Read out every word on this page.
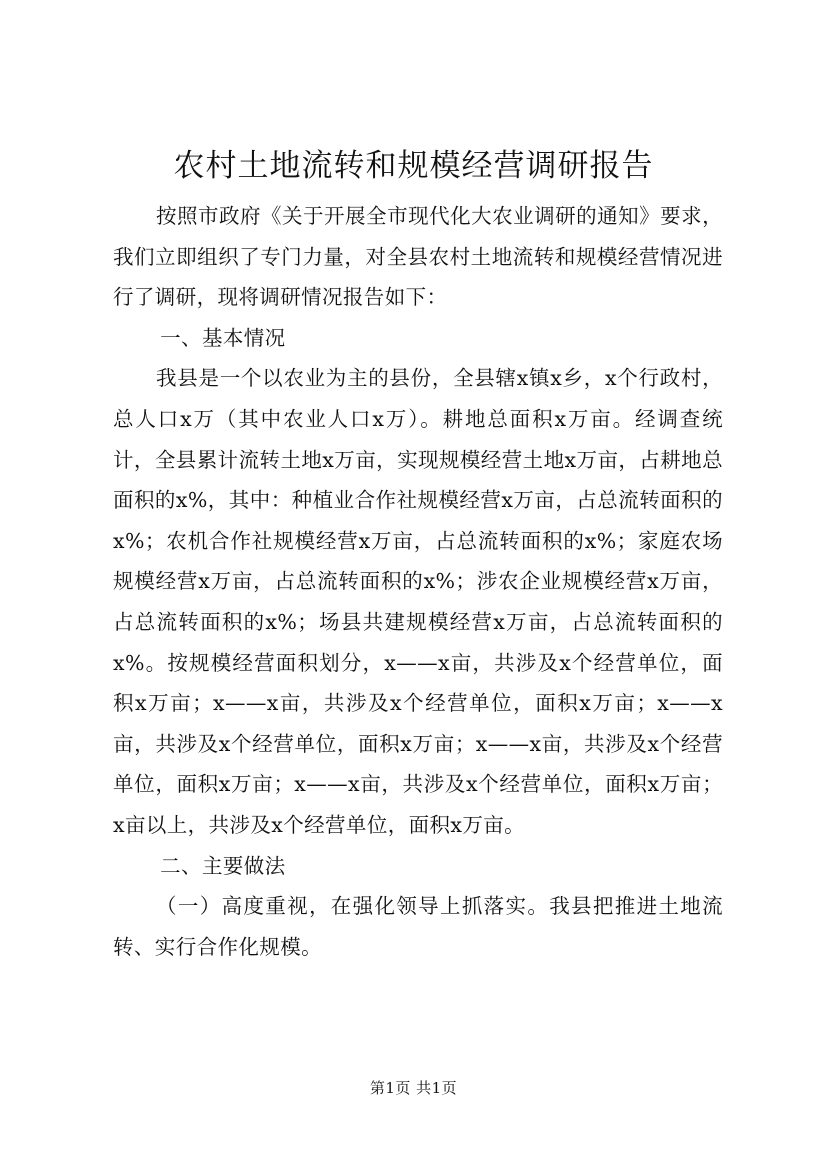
农村土地流转和规模经营调研报告

按照市政府《关于开展全市现代化大农业调研的通知》要求，我们立即组织了专门力量，对全县农村土地流转和规模经营情况进行了调研，现将调研情况报告如下：

一、基本情况

我县是一个以农业为主的县份，全县辖x镇x乡，x个行政村，总人口x万（其中农业人口x万）。耕地总面积x万亩。经调查统计，全县累计流转土地x万亩，实现规模经营土地x万亩，占耕地总面积的x%，其中：种植业合作社规模经营x万亩，占总流转面积的x%；农机合作社规模经营x万亩，占总流转面积的x%；家庭农场规模经营x万亩，占总流转面积的x%；涉农企业规模经营x万亩，占总流转面积的x%；场县共建规模经营x万亩，占总流转面积的x%。按规模经营面积划分，x——x亩，共涉及x个经营单位，面积x万亩；x——x亩，共涉及x个经营单位，面积x万亩；x——x亩，共涉及x个经营单位，面积x万亩；x——x亩，共涉及x个经营单位，面积x万亩；x——x亩，共涉及x个经营单位，面积x万亩；x亩以上，共涉及x个经营单位，面积x万亩。

二、主要做法

（一）高度重视，在强化领导上抓落实。我县把推进土地流转、实行合作化规模。

第1页 共1页
